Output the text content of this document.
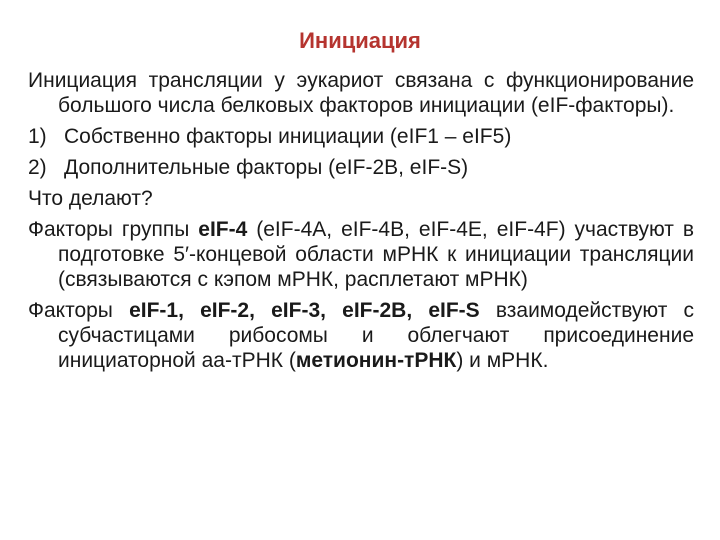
Инициация

Инициация трансляции у эукариот связана с функционирование большого числа белковых факторов инициации (eIF-факторы).

1) Собственно факторы инициации (eIF1 – eIF5)
2) Дополнительные факторы (eIF-2B, eIF-S)

Что делают?

Факторы группы eIF-4 (eIF-4A, eIF-4B, eIF-4E, eIF-4F) участвуют в подготовке 5′-концевой области мРНК к инициации трансляции (связываются с кэпом мРНК, расплетают мРНК)

Факторы eIF-1, eIF-2, eIF-3, eIF-2B, eIF-S взаимодействуют с субчастицами рибосомы и облегчают присоединение инициаторной аа-тРНК (метионин-тРНК) и мРНК.
